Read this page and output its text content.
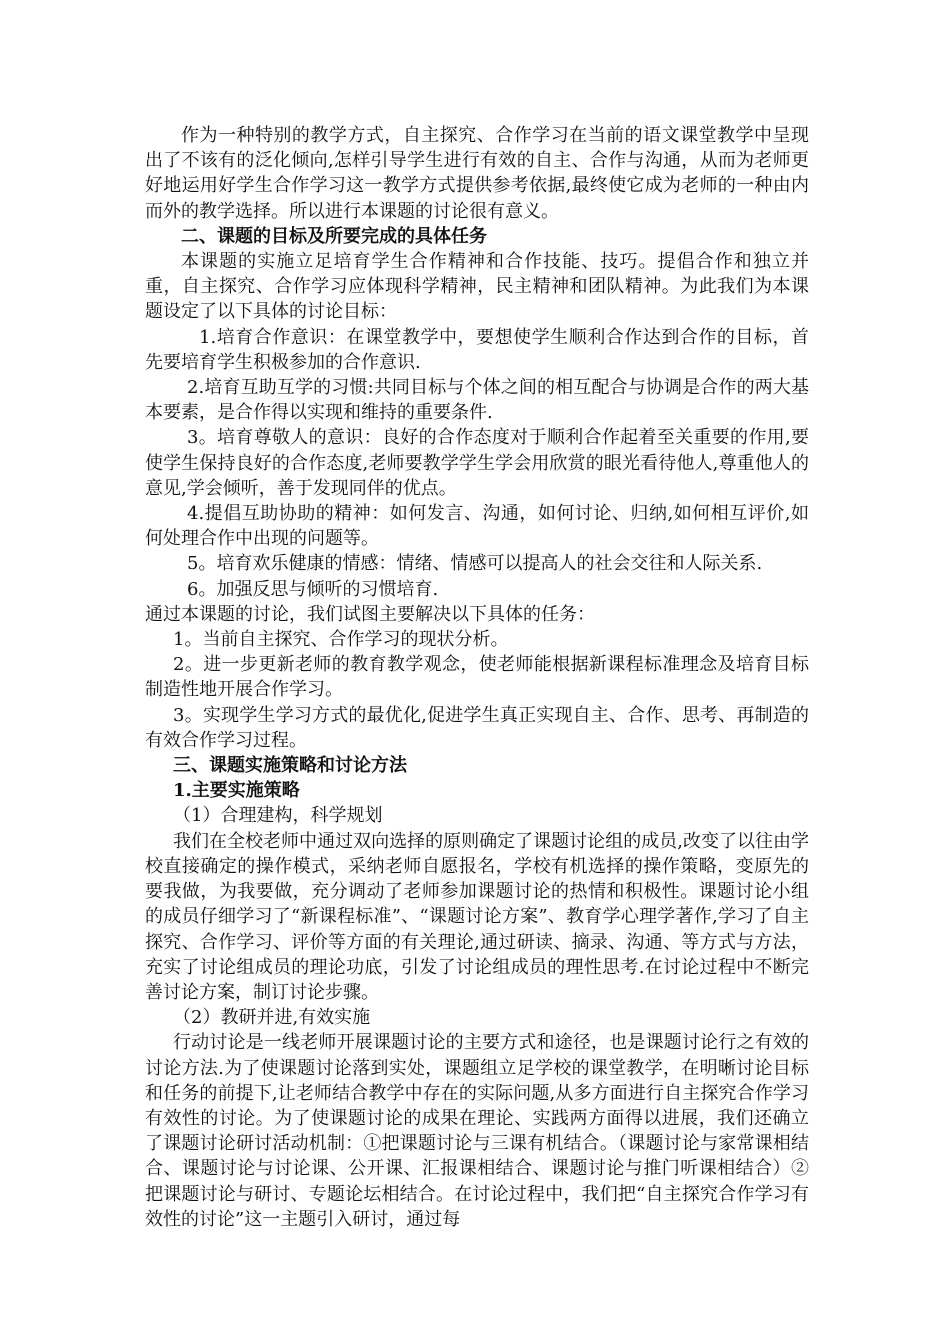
作为一种特别的教学方式，自主探究、合作学习在当前的语文课堂教学中呈现出了不该有的泛化倾向,怎样引导学生进行有效的自主、合作与沟通，从而为老师更好地运用好学生合作学习这一教学方式提供参考依据,最终使它成为老师的一种由内而外的教学选择。所以进行本课题的讨论很有意义。

二、课题的目标及所要完成的具体任务

本课题的实施立足培育学生合作精神和合作技能、技巧。提倡合作和独立并重，自主探究、合作学习应体现科学精神，民主精神和团队精神。为此我们为本课题设定了以下具体的讨论目标：

1.培育合作意识：在课堂教学中，要想使学生顺利合作达到合作的目标，首先要培育学生积极参加的合作意识.

2.培育互助互学的习惯:共同目标与个体之间的相互配合与协调是合作的两大基本要素，是合作得以实现和维持的重要条件.

3。培育尊敬人的意识：良好的合作态度对于顺利合作起着至关重要的作用,要使学生保持良好的合作态度,老师要教学学生学会用欣赏的眼光看待他人,尊重他人的意见,学会倾听，善于发现同伴的优点。

4.提倡互助协助的精神：如何发言、沟通，如何讨论、归纳,如何相互评价,如何处理合作中出现的问题等。

5。培育欢乐健康的情感：情绪、情感可以提高人的社会交往和人际关系.

6。加强反思与倾听的习惯培育.

通过本课题的讨论，我们试图主要解决以下具体的任务：

1。当前自主探究、合作学习的现状分析。

2。进一步更新老师的教育教学观念，使老师能根据新课程标准理念及培育目标制造性地开展合作学习。

3。实现学生学习方式的最优化,促进学生真正实现自主、合作、思考、再制造的有效合作学习过程。

三、课题实施策略和讨论方法

1.主要实施策略

（1）合理建构，科学规划

我们在全校老师中通过双向选择的原则确定了课题讨论组的成员,改变了以往由学校直接确定的操作模式，采纳老师自愿报名，学校有机选择的操作策略，变原先的要我做，为我要做，充分调动了老师参加课题讨论的热情和积极性。课题讨论小组的成员仔细学习了“新课程标准”、“课题讨论方案”、教育学心理学著作,学习了自主探究、合作学习、评价等方面的有关理论,通过研读、摘录、沟通、等方式与方法，充实了讨论组成员的理论功底，引发了讨论组成员的理性思考.在讨论过程中不断完善讨论方案，制订讨论步骤。

（2）教研并进,有效实施

行动讨论是一线老师开展课题讨论的主要方式和途径，也是课题讨论行之有效的讨论方法.为了使课题讨论落到实处，课题组立足学校的课堂教学，在明晰讨论目标和任务的前提下,让老师结合教学中存在的实际问题,从多方面进行自主探究合作学习有效性的讨论。为了使课题讨论的成果在理论、实践两方面得以进展，我们还确立了课题讨论研讨活动机制：①把课题讨论与三课有机结合。（课题讨论与家常课相结合、课题讨论与讨论课、公开课、汇报课相结合、课题讨论与推门听课相结合）②把课题讨论与研讨、专题论坛相结合。在讨论过程中，我们把“自主探究合作学习有效性的讨论”这一主题引入研讨，通过每
